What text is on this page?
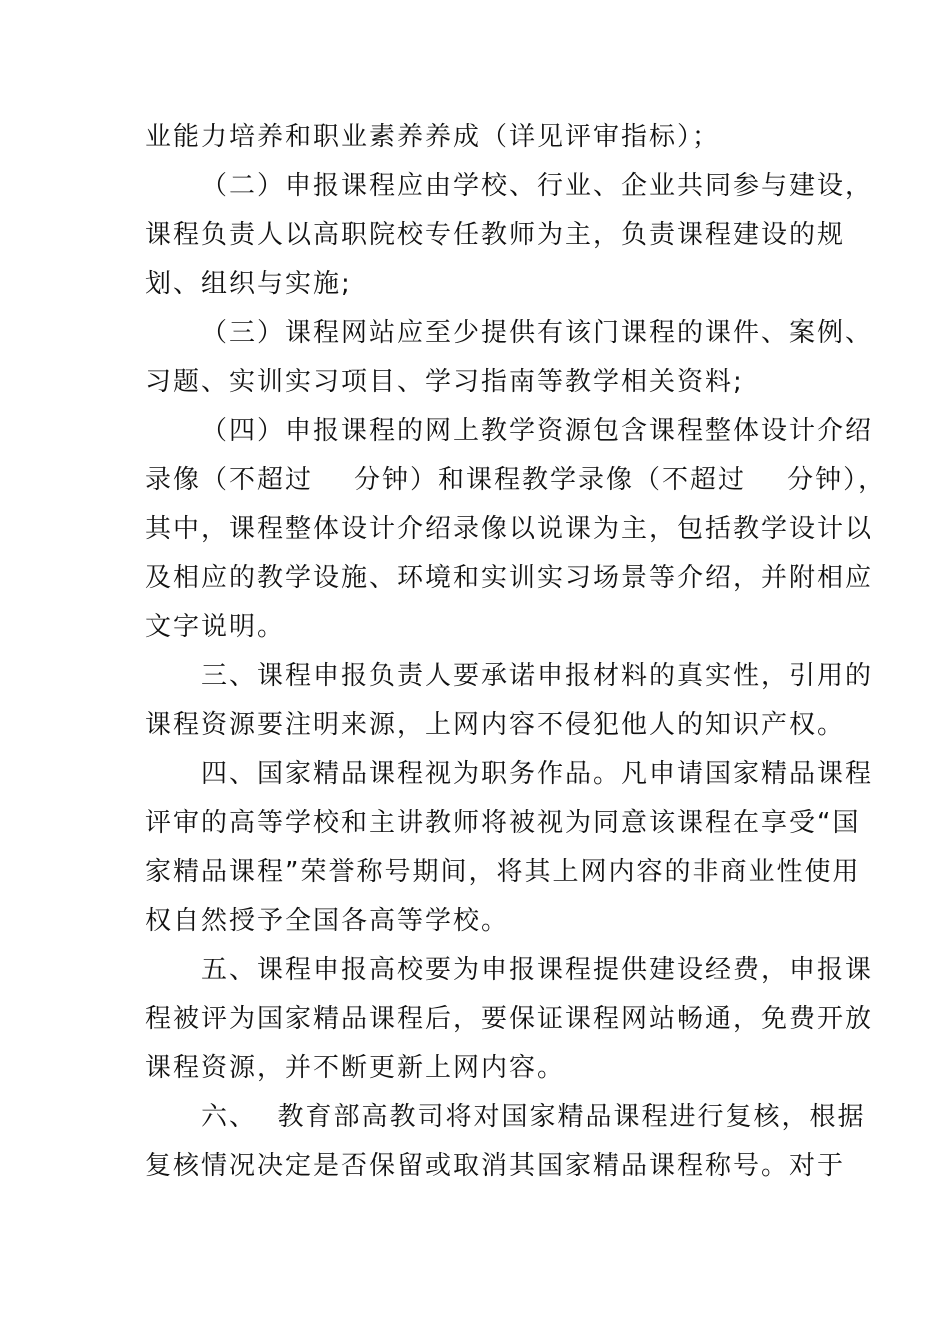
业能力培养和职业素养养成（详见评审指标）；
（二）申报课程应由学校、行业、企业共同参与建设，
课程负责人以高职院校专任教师为主，负责课程建设的规
划、组织与实施;
（三）课程网站应至少提供有该门课程的课件、案例、
习题、实训实习项目、学习指南等教学相关资料;
（四）申报课程的网上教学资源包含课程整体设计介绍
录像（不超过    分钟）和课程教学录像（不超过    分钟），
其中，课程整体设计介绍录像以说课为主，包括教学设计以
及相应的教学设施、环境和实训实习场景等介绍，并附相应
文字说明。
三、课程申报负责人要承诺申报材料的真实性，引用的
课程资源要注明来源，上网内容不侵犯他人的知识产权。
四、国家精品课程视为职务作品。凡申请国家精品课程
评审的高等学校和主讲教师将被视为同意该课程在享受“国
家精品课程”荣誉称号期间，将其上网内容的非商业性使用
权自然授予全国各高等学校。
五、课程申报高校要为申报课程提供建设经费，申报课
程被评为国家精品课程后，要保证课程网站畅通，免费开放
课程资源，并不断更新上网内容。
六、  教育部高教司将对国家精品课程进行复核，根据
复核情况决定是否保留或取消其国家精品课程称号。对于
